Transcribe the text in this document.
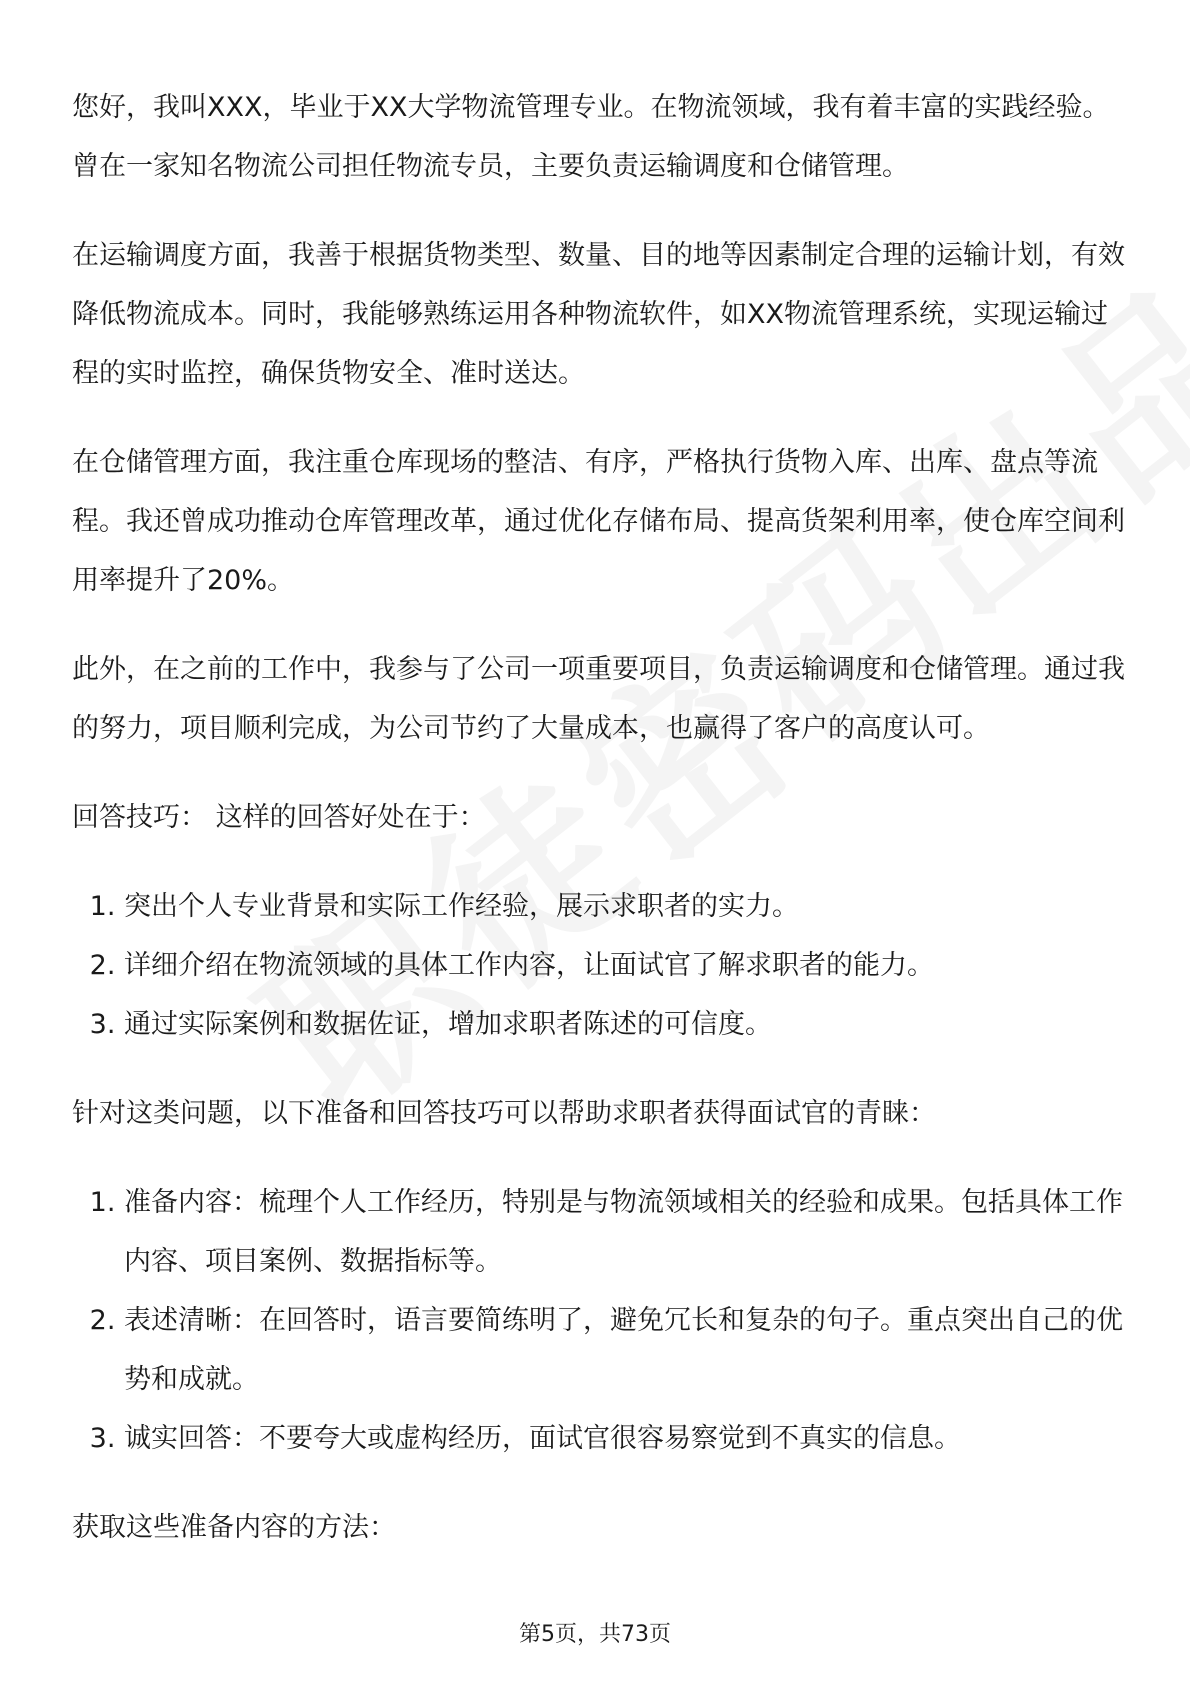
您好，我叫XXX，毕业于XX大学物流管理专业。在物流领域，我有着丰富的实践经验。曾在一家知名物流公司担任物流专员，主要负责运输调度和仓储管理。

在运输调度方面，我善于根据货物类型、数量、目的地等因素制定合理的运输计划，有效降低物流成本。同时，我能够熟练运用各种物流软件，如XX物流管理系统，实现运输过程的实时监控，确保货物安全、准时送达。

在仓储管理方面，我注重仓库现场的整洁、有序，严格执行货物入库、出库、盘点等流程。我还曾成功推动仓库管理改革，通过优化存储布局、提高货架利用率，使仓库空间利用率提升了20%。

此外，在之前的工作中，我参与了公司一项重要项目，负责运输调度和仓储管理。通过我的努力，项目顺利完成，为公司节约了大量成本，也赢得了客户的高度认可。

回答技巧： 这样的回答好处在于：

1. 突出个人专业背景和实际工作经验，展示求职者的实力。
2. 详细介绍在物流领域的具体工作内容，让面试官了解求职者的能力。
3. 通过实际案例和数据佐证，增加求职者陈述的可信度。

针对这类问题，以下准备和回答技巧可以帮助求职者获得面试官的青睐：

1. 准备内容：梳理个人工作经历，特别是与物流领域相关的经验和成果。包括具体工作内容、项目案例、数据指标等。
2. 表述清晰：在回答时，语言要简练明了，避免冗长和复杂的句子。重点突出自己的优势和成就。
3. 诚实回答：不要夸大或虚构经历，面试官很容易察觉到不真实的信息。

获取这些准备内容的方法：

第5页，共73页
